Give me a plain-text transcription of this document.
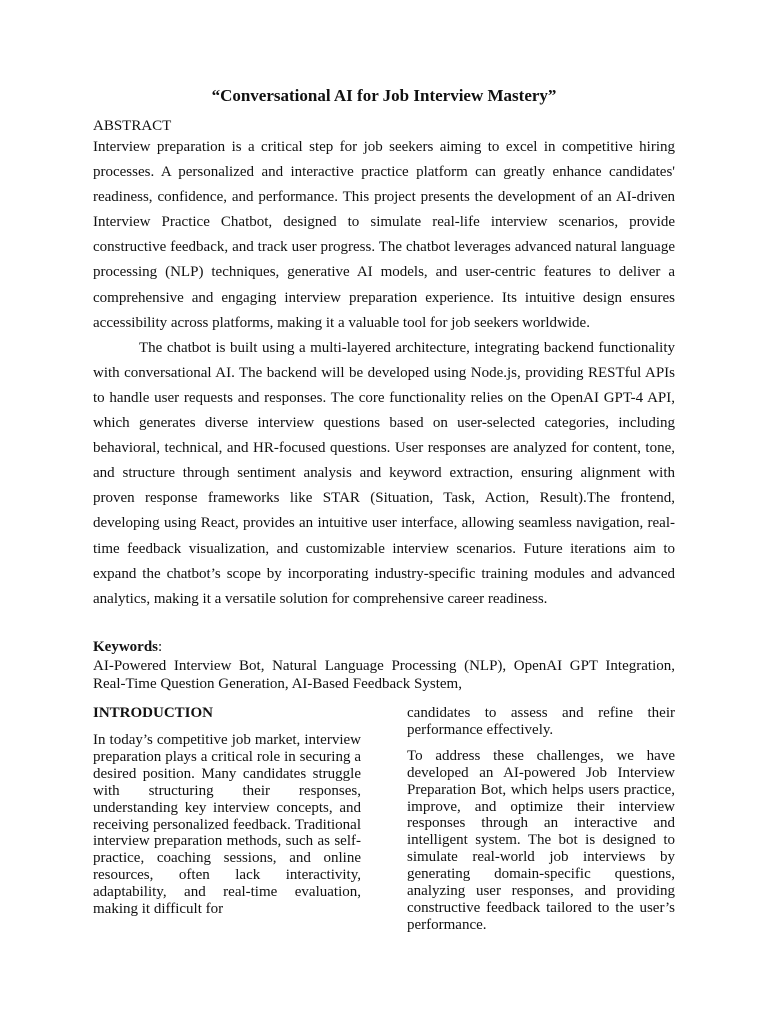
“Conversational AI for Job Interview Mastery”
ABSTRACT

Interview preparation is a critical step for job seekers aiming to excel in competitive hiring processes. A personalized and interactive practice platform can greatly enhance candidates' readiness, confidence, and performance. This project presents the development of an AI-driven Interview Practice Chatbot, designed to simulate real-life interview scenarios, provide constructive feedback, and track user progress. The chatbot leverages advanced natural language processing (NLP) techniques, generative AI models, and user-centric features to deliver a comprehensive and engaging interview preparation experience. Its intuitive design ensures accessibility across platforms, making it a valuable tool for job seekers worldwide.

The chatbot is built using a multi-layered architecture, integrating backend functionality with conversational AI. The backend will be developed using Node.js, providing RESTful APIs to handle user requests and responses. The core functionality relies on the OpenAI GPT-4 API, which generates diverse interview questions based on user-selected categories, including behavioral, technical, and HR-focused questions. User responses are analyzed for content, tone, and structure through sentiment analysis and keyword extraction, ensuring alignment with proven response frameworks like STAR (Situation, Task, Action, Result).The frontend, developing using React, provides an intuitive user interface, allowing seamless navigation, real-time feedback visualization, and customizable interview scenarios. Future iterations aim to expand the chatbot’s scope by incorporating industry-specific training modules and advanced analytics, making it a versatile solution for comprehensive career readiness.

Keywords:
AI-Powered Interview Bot, Natural Language Processing (NLP), OpenAI GPT Integration, Real-Time Question Generation, AI-Based Feedback System,
INTRODUCTION

In today’s competitive job market, interview preparation plays a critical role in securing a desired position. Many candidates struggle with structuring their responses, understanding key interview concepts, and receiving personalized feedback. Traditional interview preparation methods, such as self-practice, coaching sessions, and online resources, often lack interactivity, adaptability, and real-time evaluation, making it difficult for

candidates to assess and refine their performance effectively.

To address these challenges, we have developed an AI-powered Job Interview Preparation Bot, which helps users practice, improve, and optimize their interview responses through an interactive and intelligent system. The bot is designed to simulate real-world job interviews by generating domain-specific questions, analyzing user responses, and providing constructive feedback tailored to the user’s performance.
